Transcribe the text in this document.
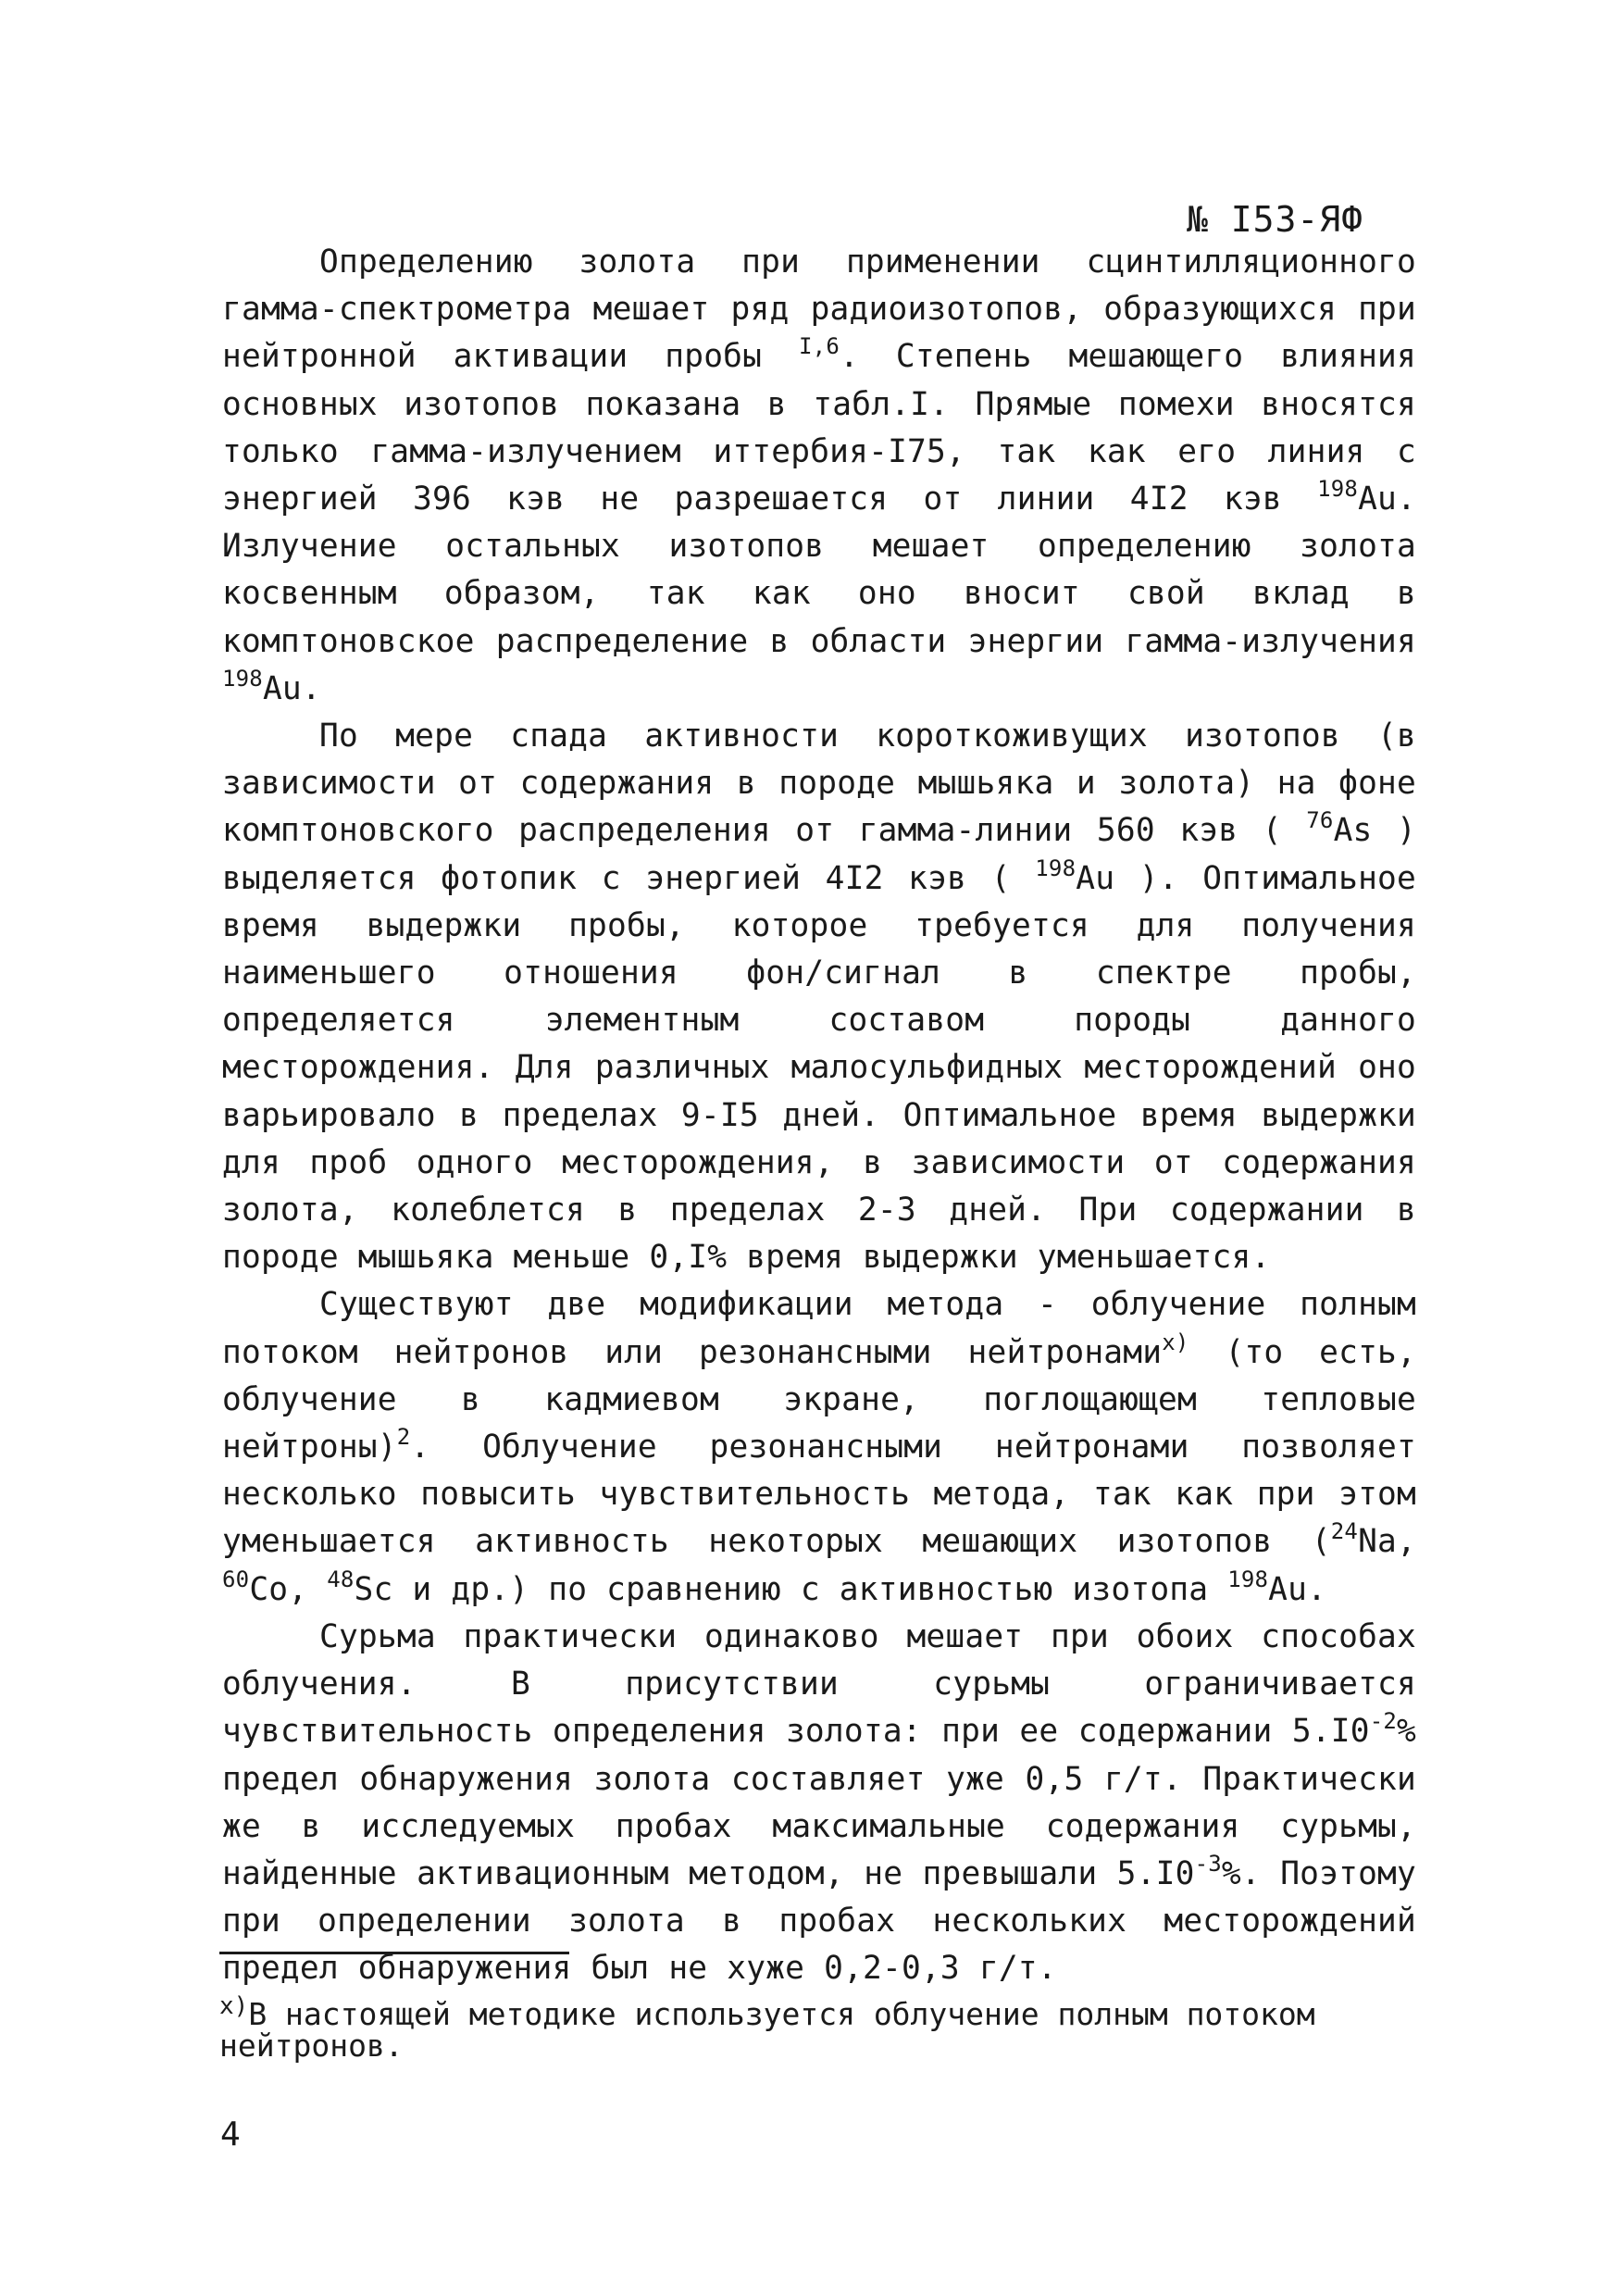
№ I53-ЯФ

Определению золота при применении сцинтилляционного гамма-спектрометра мешает ряд радиоизотопов, образующихся при нейтронной активации пробы $^{I,6}$. Степень мешающего влияния основных изотопов показана в табл.I. Прямые помехи вносятся только гамма-излучением иттербия-I75, так как его линия с энергией 396 кэв не разрешается от линии 4I2 кэв $^{198}$Au. Излучение остальных изотопов мешает определению золота косвенным образом, так как оно вносит свой вклад в комптоновское распределение в области энергии гамма-излучения $^{198}$Au.

По мере спада активности короткоживущих изотопов (в зависимости от содержания в породе мышьяка и золота) на фоне комптоновского распределения от гамма-линии 560 кэв ( $^{76}$As ) выделяется фотопик с энергией 4I2 кэв ( $^{198}$Au ). Оптимальное время выдержки пробы, которое требуется для получения наименьшего отношения фон/сигнал в спектре пробы, определяется элементным составом породы данного месторождения. Для различных малосульфидных месторождений оно варьировало в пределах 9-I5 дней. Оптимальное время выдержки для проб одного месторождения, в зависимости от содержания золота, колеблется в пределах 2-3 дней. При содержании в породе мышьяка меньше 0,I% время выдержки уменьшается.

Существуют две модификации метода - облучение полным потоком нейтронов или резонансными нейтронами$^{x)}$ (то есть, облучение в кадмиевом экране, поглощающем тепловые нейтроны)$^2$. Облучение резонансными нейтронами позволяет несколько повысить чувствительность метода, так как при этом уменьшается активность некоторых мешающих изотопов ($^{24}$Na, $^{60}$Co, $^{48}$Sc и др.) по сравнению с активностью изотопа $^{198}$Au.

Сурьма практически одинаково мешает при обоих способах облучения. В присутствии сурьмы ограничивается чувствительность определения золота: при ее содержании $5.I0^{-2}\%$ предел обнаружения золота составляет уже 0,5 г/т. Практически же в исследуемых пробах максимальные содержания сурьмы, найденные активационным методом, не превышали $5.I0^{-3}\%$. Поэтому при определении золота в пробах нескольких месторождений предел обнаружения был не хуже 0,2-0,3 г/т.

$^{x)}$В настоящей методике используется облучение полным потоком нейтронов.
4
